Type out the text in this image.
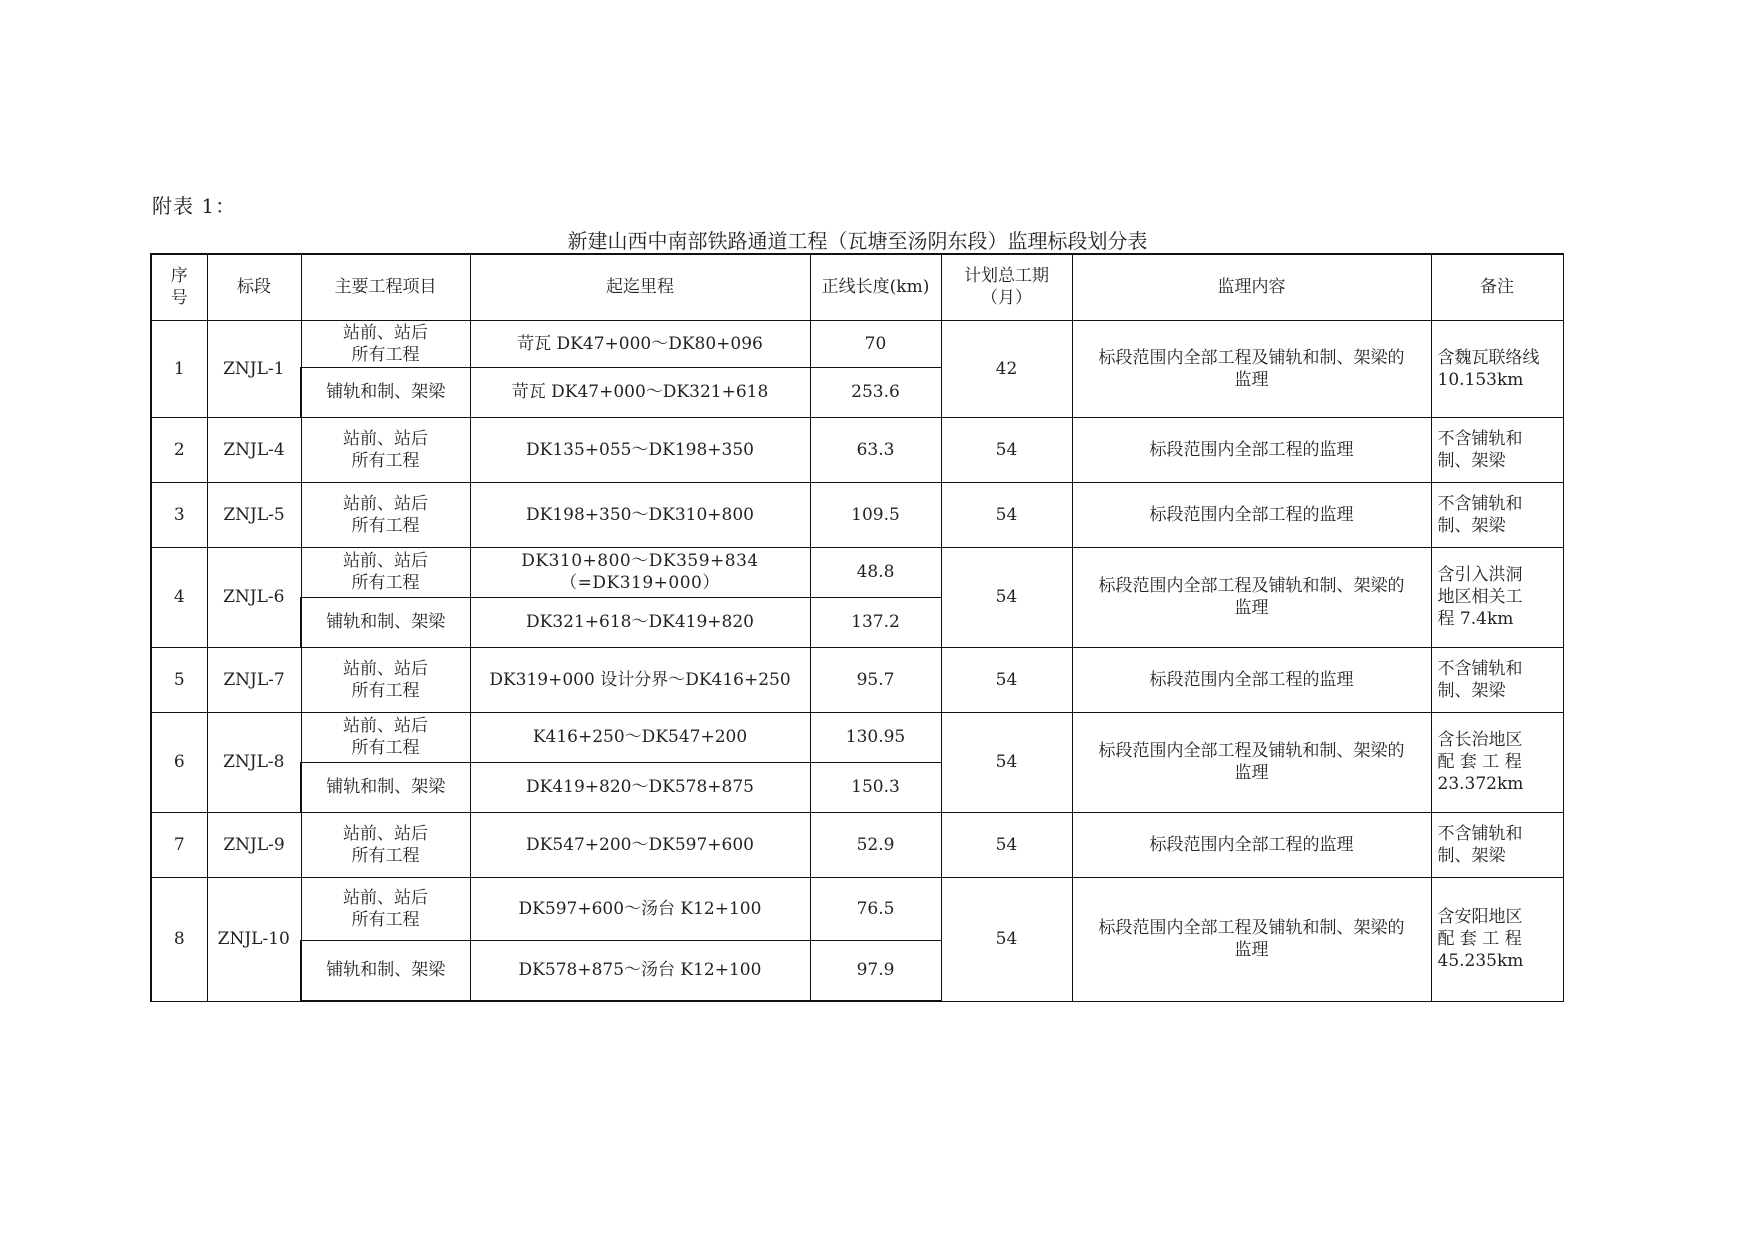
附表 1：
新建山西中南部铁路通道工程（瓦塘至汤阴东段）监理标段划分表
序
号	标段	主要工程项目	起迄里程	正线长度(km)	计划总工期
（月）	监理内容	备注
1	ZNJL-1	站前、站后
所有工程	苛瓦 DK47+000～DK80+096	70	42	标段范围内全部工程及铺轨和制、架梁的
监理	含魏瓦联络线
10.153km

		铺轨和制、架梁	苛瓦 DK47+000～DK321+618	253.6			
2	ZNJL-4	站前、站后
所有工程	DK135+055～DK198+350	63.3	54	标段范围内全部工程的监理	不含铺轨和
制、架梁

3	ZNJL-5	站前、站后
所有工程	DK198+350～DK310+800	109.5	54	标段范围内全部工程的监理	不含铺轨和
制、架梁

4	ZNJL-6	站前、站后
所有工程	DK310+800～DK359+834（=DK319+000）	48.8	54	标段范围内全部工程及铺轨和制、架梁的
监理	含引入洪洞
地区相关工
程 7.4km

		铺轨和制、架梁	DK321+618～DK419+820	137.2			
5	ZNJL-7	站前、站后
所有工程	DK319+000 设计分界～DK416+250	95.7	54	标段范围内全部工程的监理	不含铺轨和
制、架梁

6	ZNJL-8	站前、站后
所有工程	K416+250～DK547+200	130.95	54	标段范围内全部工程及铺轨和制、架梁的
监理	含长治地区
配 套 工 程
23.372km

		铺轨和制、架梁	DK419+820～DK578+875	150.3			
7	ZNJL-9	站前、站后
所有工程	DK547+200～DK597+600	52.9	54	标段范围内全部工程的监理	不含铺轨和
制、架梁

8	ZNJL-10	站前、站后
所有工程	DK597+600～汤台 K12+100	76.5	54	标段范围内全部工程及铺轨和制、架梁的
监理	含安阳地区
配 套 工 程
45.235km

		铺轨和制、架梁	DK578+875～汤台 K12+100	97.9			
